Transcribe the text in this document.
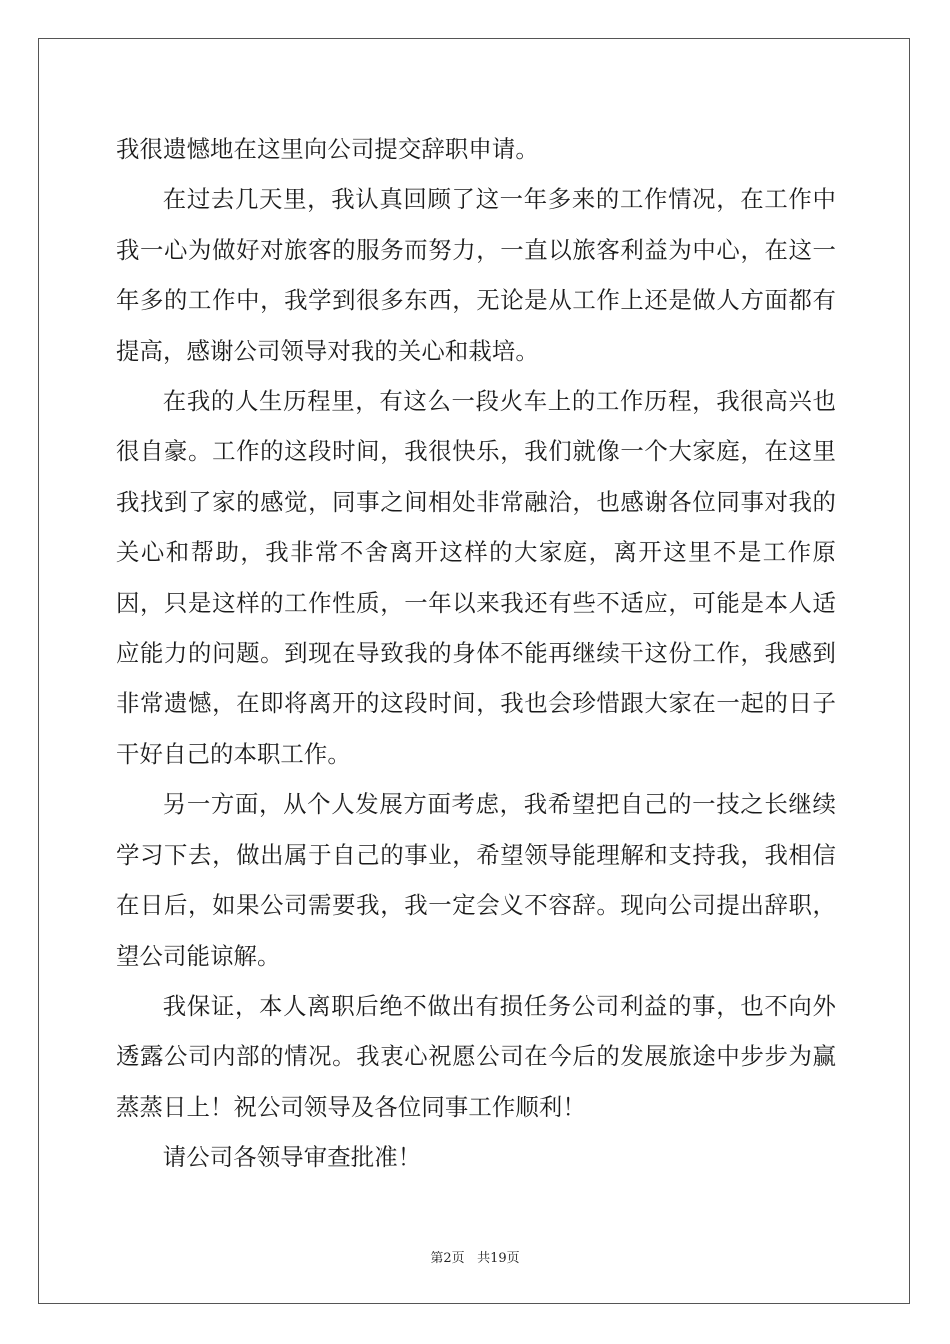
我很遗憾地在这里向公司提交辞职申请。

在过去几天里，我认真回顾了这一年多来的工作情况，在工作中我一心为做好对旅客的服务而努力，一直以旅客利益为中心，在这一年多的工作中，我学到很多东西，无论是从工作上还是做人方面都有提高，感谢公司领导对我的关心和栽培。

在我的人生历程里，有这么一段火车上的工作历程，我很高兴也很自豪。工作的这段时间，我很快乐，我们就像一个大家庭，在这里我找到了家的感觉，同事之间相处非常融洽，也感谢各位同事对我的关心和帮助，我非常不舍离开这样的大家庭，离开这里不是工作原因，只是这样的工作性质，一年以来我还有些不适应，可能是本人适应能力的问题。到现在导致我的身体不能再继续干这份工作，我感到非常遗憾，在即将离开的这段时间，我也会珍惜跟大家在一起的日子干好自己的本职工作。

另一方面，从个人发展方面考虑，我希望把自己的一技之长继续学习下去，做出属于自己的事业，希望领导能理解和支持我，我相信在日后，如果公司需要我，我一定会义不容辞。现向公司提出辞职，望公司能谅解。

我保证，本人离职后绝不做出有损任务公司利益的事，也不向外透露公司内部的情况。我衷心祝愿公司在今后的发展旅途中步步为赢蒸蒸日上！祝公司领导及各位同事工作顺利！

请公司各领导审查批准！

第2页 共19页
